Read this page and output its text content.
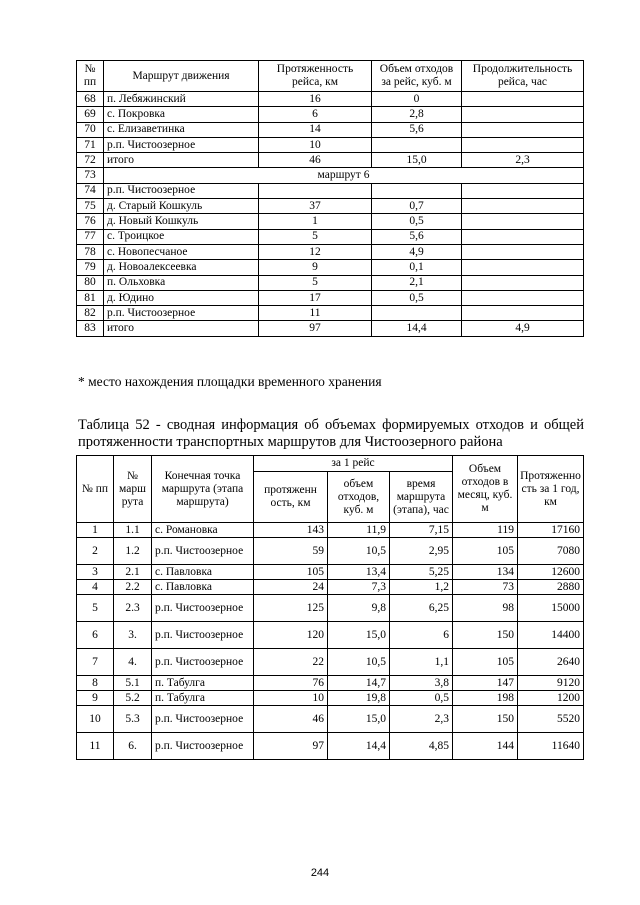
№ пп	Маршрут движения	Протяженность рейса, км	Объем отходов за рейс, куб. м	Продолжительность рейса, час
68	п. Лебяжинский	16	0	
69	с. Покровка	6	2,8	
70	с. Елизаветинка	14	5,6	
71	р.п. Чистоозерное	10		
72	итого	46	15,0	2,3
73	маршрут 6			
74	р.п. Чистоозерное			
75	д. Старый Кошкуль	37	0,7	
76	д. Новый Кошкуль	1	0,5	
77	с. Троицкое	5	5,6	
78	с. Новопесчаное	12	4,9	
79	д. Новоалексеевка	9	0,1	
80	п. Ольховка	5	2,1	
81	д. Юдино	17	0,5	
82	р.п. Чистоозерное	11		
83	итого	97	14,4	4,9
* место нахождения площадки временного хранения
Таблица 52 - сводная информация об объемах формируемых отходов и общей протяженности транспортных маршрутов для Чистоозерного района
№ пп	№ марш рута	Конечная точка маршрута (этапа маршрута)	за 1 рейс			Объем отходов в месяц, куб. м	Протяженно сть за 1 год, км
			протяженн ость, км	объем отходов, куб. м	время маршрута (этапа), час		
1	1.1	с. Романовка	143	11,9	7,15	119	17160
2	1.2	р.п. Чистоозерное	59	10,5	2,95	105	7080
3	2.1	с. Павловка	105	13,4	5,25	134	12600
4	2.2	с. Павловка	24	7,3	1,2	73	2880
5	2.3	р.п. Чистоозерное	125	9,8	6,25	98	15000
6	3.	р.п. Чистоозерное	120	15,0	6	150	14400
7	4.	р.п. Чистоозерное	22	10,5	1,1	105	2640
8	5.1	п. Табулга	76	14,7	3,8	147	9120
9	5.2	п. Табулга	10	19,8	0,5	198	1200
10	5.3	р.п. Чистоозерное	46	15,0	2,3	150	5520
11	6.	р.п. Чистоозерное	97	14,4	4,85	144	11640
244
